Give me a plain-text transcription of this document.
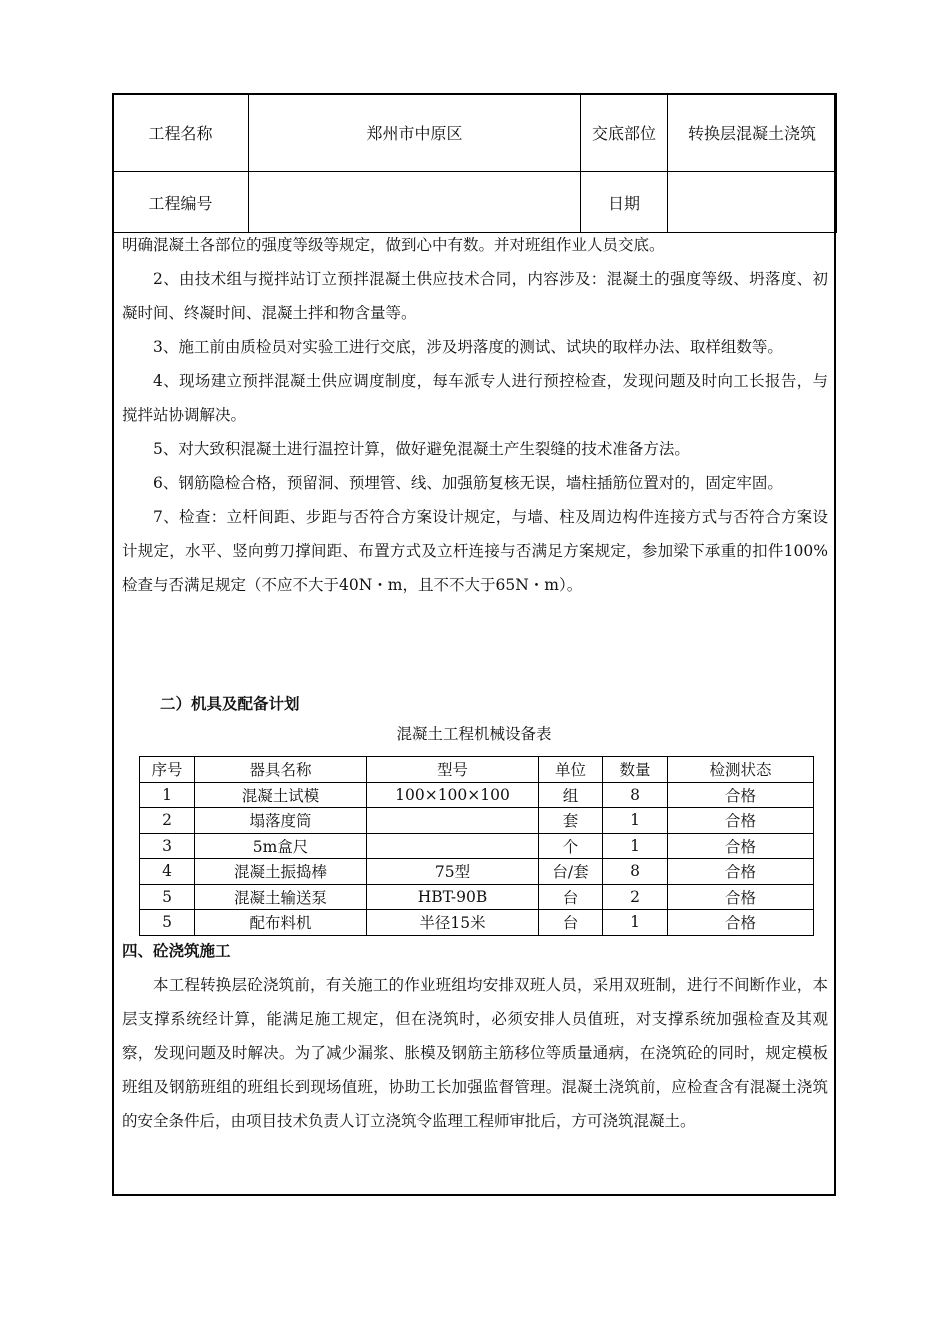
工程名称	郑州市中原区	交底部位	转换层混凝土浇筑
工程编号		日期	

明确混凝土各部位的强度等级等规定，做到心中有数。并对班组作业人员交底。

2、由技术组与搅拌站订立预拌混凝土供应技术合同，内容涉及：混凝土的强度等级、坍落度、初凝时间、终凝时间、混凝土拌和物含量等。

3、施工前由质检员对实验工进行交底，涉及坍落度的测试、试块的取样办法、取样组数等。

4、现场建立预拌混凝土供应调度制度，每车派专人进行预控检查，发现问题及时向工长报告，与搅拌站协调解决。

5、对大致积混凝土进行温控计算，做好避免混凝土产生裂缝的技术准备方法。

6、钢筋隐检合格，预留洞、预埋管、线、加强筋复核无误，墙柱插筋位置对的，固定牢固。

7、检查：立杆间距、步距与否符合方案设计规定，与墙、柱及周边构件连接方式与否符合方案设计规定，水平、竖向剪刀撑间距、布置方式及立杆连接与否满足方案规定，参加梁下承重的扣件100%检查与否满足规定（不应不大于40N・m，且不不大于65N・m）。

二）机具及配备计划
混凝土工程机械设备表
序号	器具名称	型号	单位	数量	检测状态
1	混凝土试模	100×100×100	组	8	合格
2	塌落度筒		套	1	合格
3	5m盒尺		个	1	合格
4	混凝土振捣棒	75型	台/套	8	合格
5	混凝土输送泵	HBT-90B	台	2	合格
5	配布料机	半径15米	台	1	合格
四、砼浇筑施工

本工程转换层砼浇筑前，有关施工的作业班组均安排双班人员，采用双班制，进行不间断作业，本层支撑系统经计算，能满足施工规定，但在浇筑时，必须安排人员值班，对支撑系统加强检查及其观察，发现问题及时解决。为了减少漏浆、胀模及钢筋主筋移位等质量通病，在浇筑砼的同时，规定模板班组及钢筋班组的班组长到现场值班，协助工长加强监督管理。混凝土浇筑前，应检查含有混凝土浇筑的安全条件后，由项目技术负责人订立浇筑令监理工程师审批后，方可浇筑混凝土。
